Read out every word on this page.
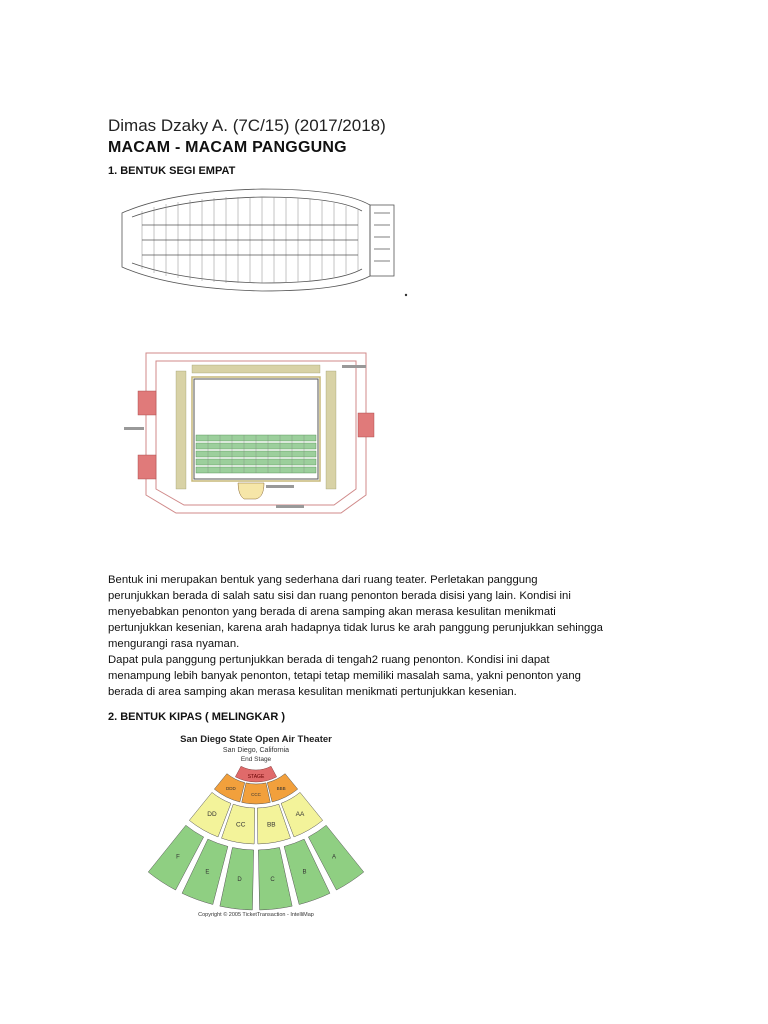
Dimas Dzaky A. (7C/15) (2017/2018)
MACAM - MACAM PANGGUNG
1. BENTUK SEGI EMPAT

Bentuk ini merupakan bentuk yang sederhana dari ruang teater. Perletakan panggung

perunjukkan berada di salah satu sisi dan ruang penonton berada disisi yang lain. Kondisi ini

menyebabkan penonton yang berada di arena samping akan merasa kesulitan menikmati

pertunjukkan kesenian, karena arah hadapnya tidak lurus ke arah panggung perunjukkan sehingga

mengurangi rasa nyaman.

Dapat pula panggung pertunjukkan berada di tengah2 ruang penonton. Kondisi ini dapat

menampung lebih banyak penonton, tetapi tetap memiliki masalah sama, yakni penonton yang

berada di area samping akan merasa kesulitan menikmati pertunjukkan kesenian.

2. BENTUK KIPAS ( MELINGKAR )
San Diego State Open Air Theater
San Diego, California
End Stage
F
E
D	C
B
A
DD
CC	BB
AA
DDD
CCC
BBB
STAGE
Copyright © 2005 TicketTransaction - IntelliMap
